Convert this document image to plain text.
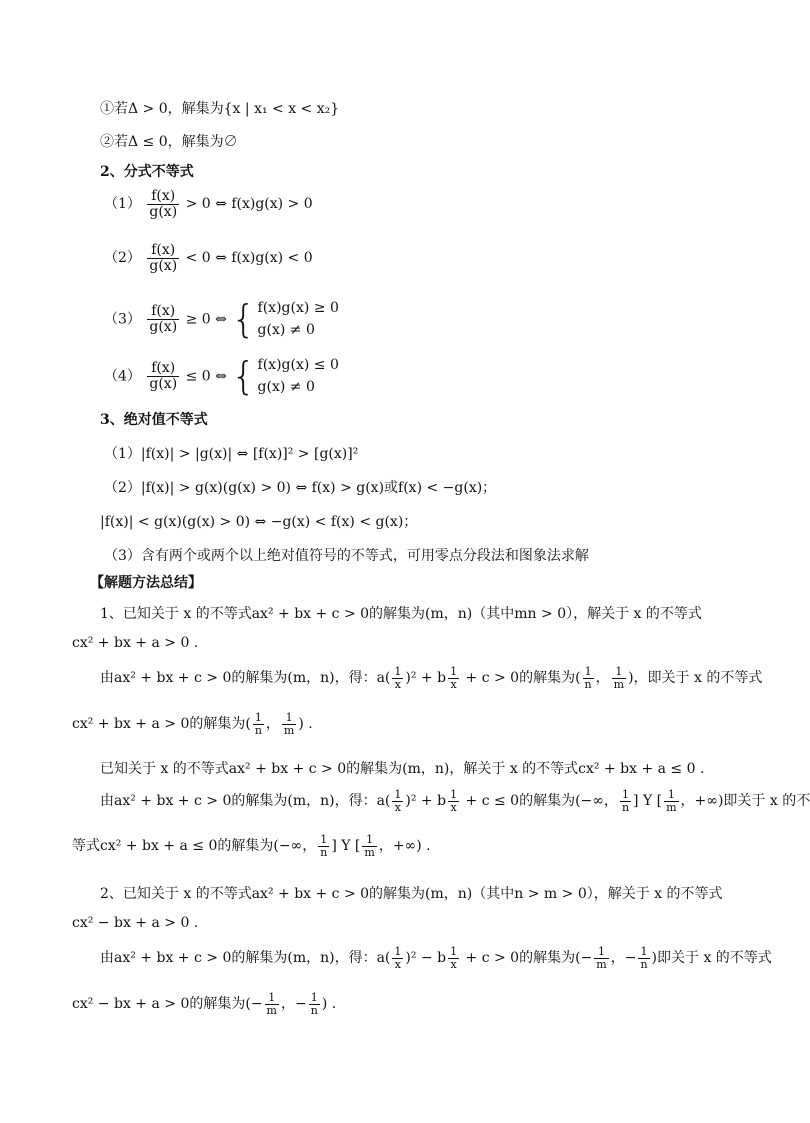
①若Δ > 0，解集为{x | x₁ < x < x₂}
②若Δ ≤ 0，解集为∅
2、分式不等式
$(1) \frac{f(x)}{g(x)} > 0$ ⇔ f(x)g(x) > 0
$(2) \frac{f(x)}{g(x)} < 0$ ⇔ f(x)g(x) < 0
$(3) \frac{f(x)}{g(x)} \ge 0$ ⇔ { f(x)g(x) ≥ 0
g(x) ≠ 0
$(4) \frac{f(x)}{g(x)} \le 0$ ⇔ { f(x)g(x) ≤ 0
g(x) ≠ 0
3、绝对值不等式
（1）|f(x)| > |g(x)| ⇔ [f(x)]² > [g(x)]²
（2）|f(x)| > g(x)(g(x) > 0) ⇔ f(x) > g(x)或f(x) < −g(x)；
|f(x)| < g(x)(g(x) > 0) ⇔ −g(x) < f(x) < g(x)；
（3）含有两个或两个以上绝对值符号的不等式，可用零点分段法和图象法求解
【解题方法总结】
1、已知关于 x 的不等式ax² + bx + c > 0的解集为(m，n)（其中mn > 0），解关于 x 的不等式
cx² + bx + a > 0 .
由ax² + bx + c > 0的解集为(m，n)，得：$a( \frac{1}{x} )^2 + b \frac{1}{x} + c > 0$的解集为( $\frac{1}{n}$ ， $\frac{1}{m}$ )，即关于 x 的不等式
cx² + bx + a > 0的解集为( $\frac{1}{n}$ ， $\frac{1}{m}$ ) .
已知关于 x 的不等式ax² + bx + c > 0的解集为(m，n)，解关于 x 的不等式cx² + bx + a ≤ 0 .
由ax² + bx + c > 0的解集为(m，n)，得：$a( \frac{1}{x} )^2 + b \frac{1}{x} + c \le 0$的解集为(−∞， $\frac{1}{n}$ ] Y [ $\frac{1}{m}$ ，+∞)即关于 x 的不
等式cx² + bx + a ≤ 0的解集为(−∞， $\frac{1}{n}$ ] Y [ $\frac{1}{m}$ ，+∞) .
2、已知关于 x 的不等式ax² + bx + c > 0的解集为(m，n)（其中n > m > 0），解关于 x 的不等式
cx² − bx + a > 0 .
由ax² + bx + c > 0的解集为(m，n)，得：$a( \frac{1}{x} )^2 - b \frac{1}{x} + c > 0$的解集为(− $\frac{1}{m}$ ，− $\frac{1}{n}$ )即关于 x 的不等式
cx² − bx + a > 0的解集为(− $\frac{1}{m}$ ，− $\frac{1}{n}$ ) .
